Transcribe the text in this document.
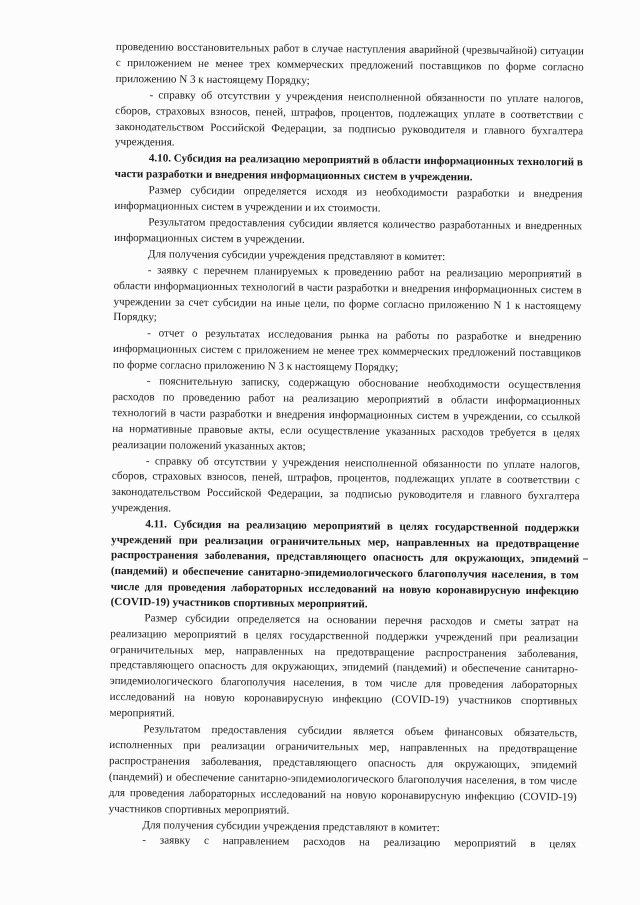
проведению восстановительных работ в случае наступления аварийной (чрезвычайной) ситуации с приложением не менее трех коммерческих предложений поставщиков по форме согласно приложению N 3 к настоящему Порядку;

- справку об отсутствии у учреждения неисполненной обязанности по уплате налогов, сборов, страховых взносов, пеней, штрафов, процентов, подлежащих уплате в соответствии с законодательством Российской Федерации, за подписью руководителя и главного бухгалтера учреждения.

4.10. Субсидия на реализацию мероприятий в области информационных технологий в части разработки и внедрения информационных систем в учреждении.

Размер субсидии определяется исходя из необходимости разработки и внедрения информационных систем в учреждении и их стоимости.

Результатом предоставления субсидии является количество разработанных и внедренных информационных систем в учреждении.

Для получения субсидии учреждения представляют в комитет:

- заявку с перечнем планируемых к проведению работ на реализацию мероприятий в области информационных технологий в части разработки и внедрения информационных систем в учреждении за счет субсидии на иные цели, по форме согласно приложению N 1 к настоящему Порядку;

- отчет о результатах исследования рынка на работы по разработке и внедрению информационных систем с приложением не менее трех коммерческих предложений поставщиков по форме согласно приложению N 3 к настоящему Порядку;

- пояснительную записку, содержащую обоснование необходимости осуществления расходов по проведению работ на реализацию мероприятий в области информационных технологий в части разработки и внедрения информационных систем в учреждении, со ссылкой на нормативные правовые акты, если осуществление указанных расходов требуется в целях реализации положений указанных актов;

- справку об отсутствии у учреждения неисполненной обязанности по уплате налогов, сборов, страховых взносов, пеней, штрафов, процентов, подлежащих уплате в соответствии с законодательством Российской Федерации, за подписью руководителя и главного бухгалтера учреждения.

4.11. Субсидия на реализацию мероприятий в целях государственной поддержки учреждений при реализации ограничительных мер, направленных на предотвращение распространения заболевания, представляющего опасность для окружающих, эпидемий (пандемий) и обеспечение санитарно-эпидемиологического благополучия населения, в том числе для проведения лабораторных исследований на новую коронавирусную инфекцию (COVID-19) участников спортивных мероприятий.

Размер субсидии определяется на основании перечня расходов и сметы затрат на реализацию мероприятий в целях государственной поддержки учреждений при реализации ограничительных мер, направленных на предотвращение распространения заболевания, представляющего опасность для окружающих, эпидемий (пандемий) и обеспечение санитарно-эпидемиологического благополучия населения, в том числе для проведения лабораторных исследований на новую коронавирусную инфекцию (COVID-19) участников спортивных мероприятий.

Результатом предоставления субсидии является объем финансовых обязательств, исполненных при реализации ограничительных мер, направленных на предотвращение распространения заболевания, представляющего опасность для окружающих, эпидемий (пандемий) и обеспечение санитарно-эпидемиологического благополучия населения, в том числе для проведения лабораторных исследований на новую коронавирусную инфекцию (COVID-19) участников спортивных мероприятий.

Для получения субсидии учреждения представляют в комитет:

- заявку с направлением расходов на реализацию мероприятий в целях
